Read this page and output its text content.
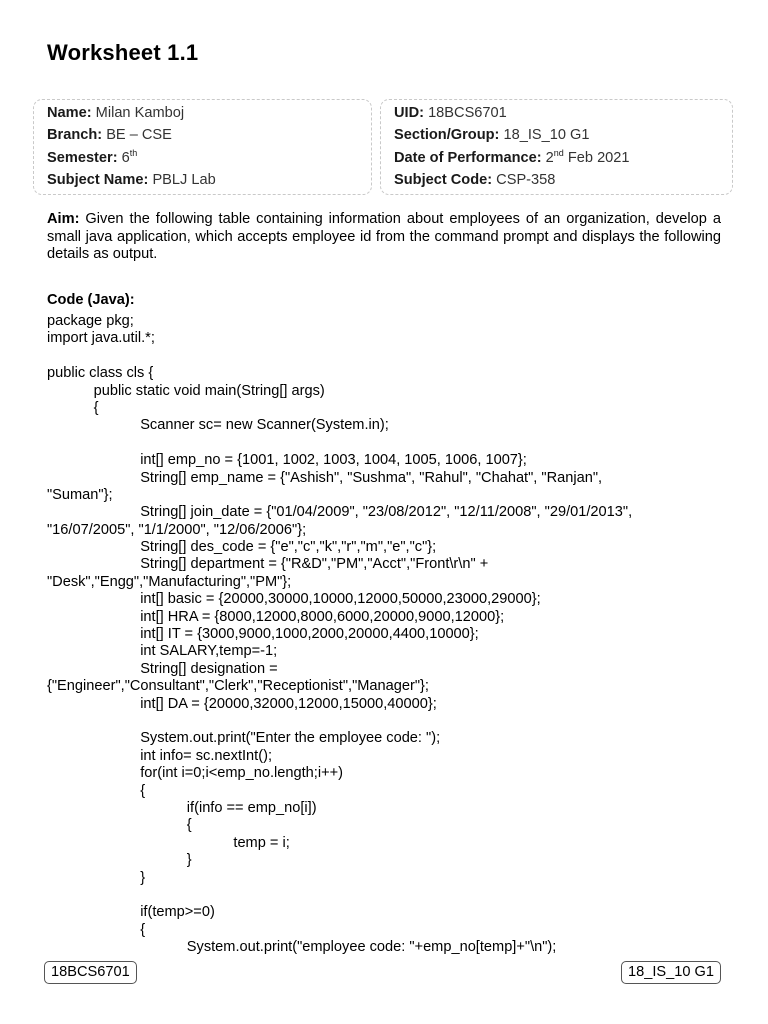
Worksheet 1.1
Name: Milan Kamboj
Branch: BE – CSE
Semester: 6th
Subject Name: PBLJ Lab
UID: 18BCS6701
Section/Group: 18_IS_10 G1
Date of Performance: 2nd Feb 2021
Subject Code: CSP-358
Aim: Given the following table containing information about employees of an organization, develop a small java application, which accepts employee id from the command prompt and displays the following details as output.
Code (Java):
package pkg;
import java.util.*;
public class cls {
public static void main(String[] args)
{
Scanner sc= new Scanner(System.in);
int[] emp_no = {1001, 1002, 1003, 1004, 1005, 1006, 1007};
String[] emp_name = {"Ashish", "Sushma", "Rahul", "Chahat", "Ranjan",
"Suman"};
String[] join_date = {"01/04/2009", "23/08/2012", "12/11/2008", "29/01/2013",
"16/07/2005", "1/1/2000", "12/06/2006"};
String[] des_code = {"e","c","k","r","m","e","c"};
String[] department = {"R&D","PM","Acct","Front\r\n" +
"Desk","Engg","Manufacturing","PM"};
int[] basic = {20000,30000,10000,12000,50000,23000,29000};
int[] HRA = {8000,12000,8000,6000,20000,9000,12000};
int[] IT = {3000,9000,1000,2000,20000,4400,10000};
int SALARY,temp=-1;
String[] designation =
{"Engineer","Consultant","Clerk","Receptionist","Manager"};
int[] DA = {20000,32000,12000,15000,40000};
System.out.print("Enter the employee code: ");
int info= sc.nextInt();
for(int i=0;i<emp_no.length;i++)
{
if(info == emp_no[i])
{
temp = i;
}
}
if(temp>=0)
{
System.out.print("employee code: "+emp_no[temp]+"\n");
18BCS6701	18_IS_10 G1
